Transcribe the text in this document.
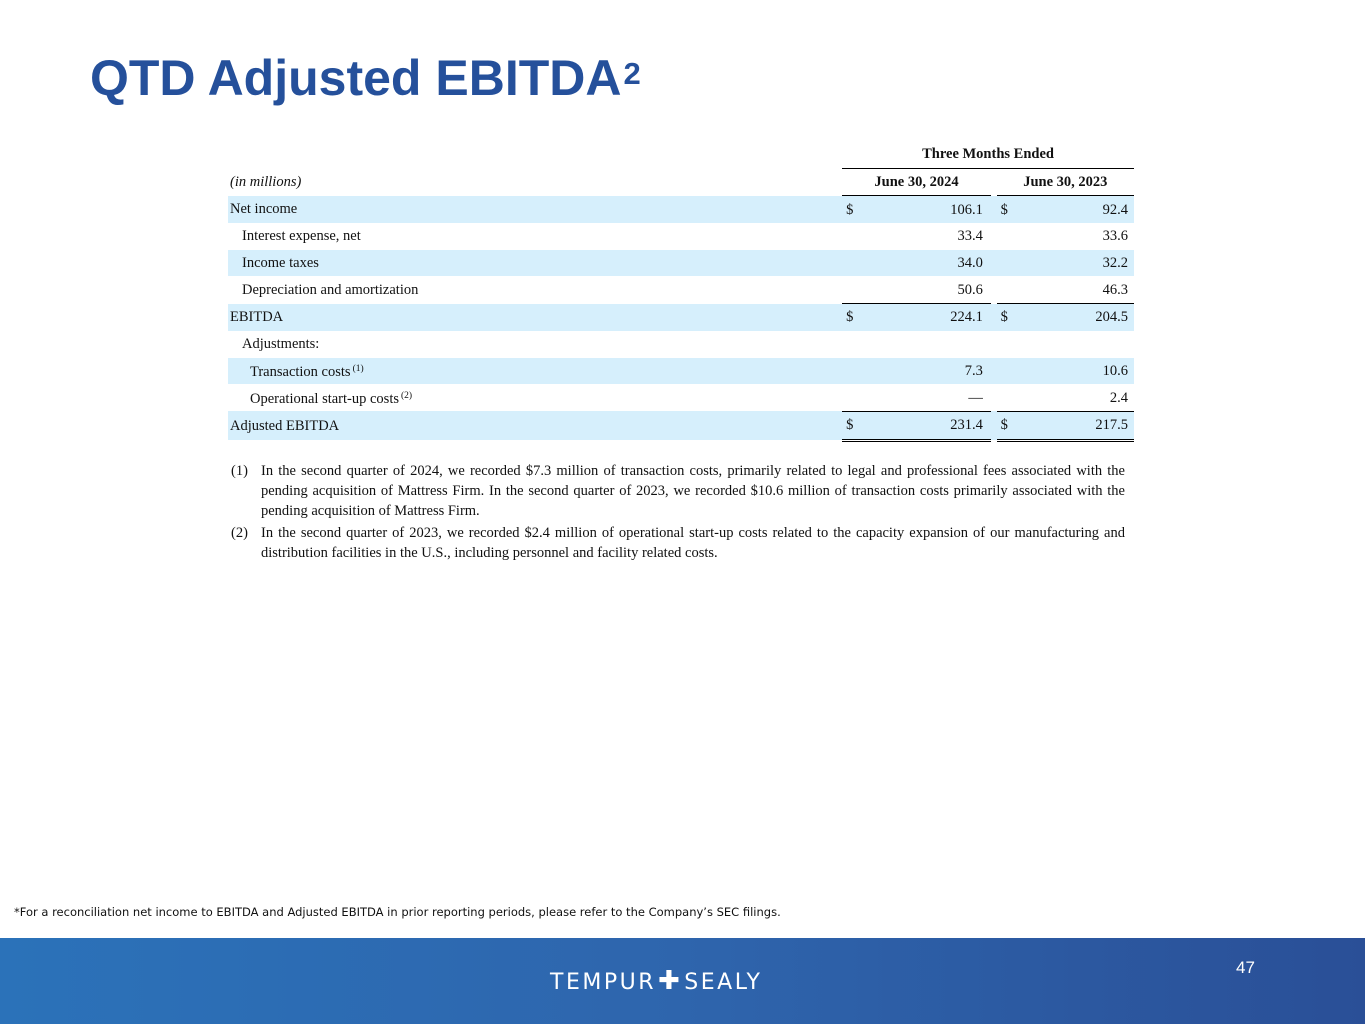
QTD Adjusted EBITDA$^2$
		Three Months Ended				
(in millions)		June 30, 2024			June 30, 2023	
Net income		$	106.1		$	92.4
Interest expense, net			33.4			33.6
Income taxes			34.0			32.2
Depreciation and amortization			50.6			46.3
EBITDA		$	224.1		$	204.5
Adjustments:						
Transaction costs $^{(1)}$			7.3			10.6
Operational start-up costs $^{(2)}$			—			2.4
Adjusted EBITDA		$	231.4		$	217.5
(1) In the second quarter of 2024, we recorded $7.3 million of transaction costs, primarily related to legal and professional fees associated with the pending acquisition of Mattress Firm. In the second quarter of 2023, we recorded $10.6 million of transaction costs primarily associated with the pending acquisition of Mattress Firm.
(2) In the second quarter of 2023, we recorded $2.4 million of operational start-up costs related to the capacity expansion of our manufacturing and distribution facilities in the U.S., including personnel and facility related costs.
*For a reconciliation net income to EBITDA and Adjusted EBITDA in prior reporting periods, please refer to the Company’s SEC filings.
TEMPUR ✚ SEALY
47
